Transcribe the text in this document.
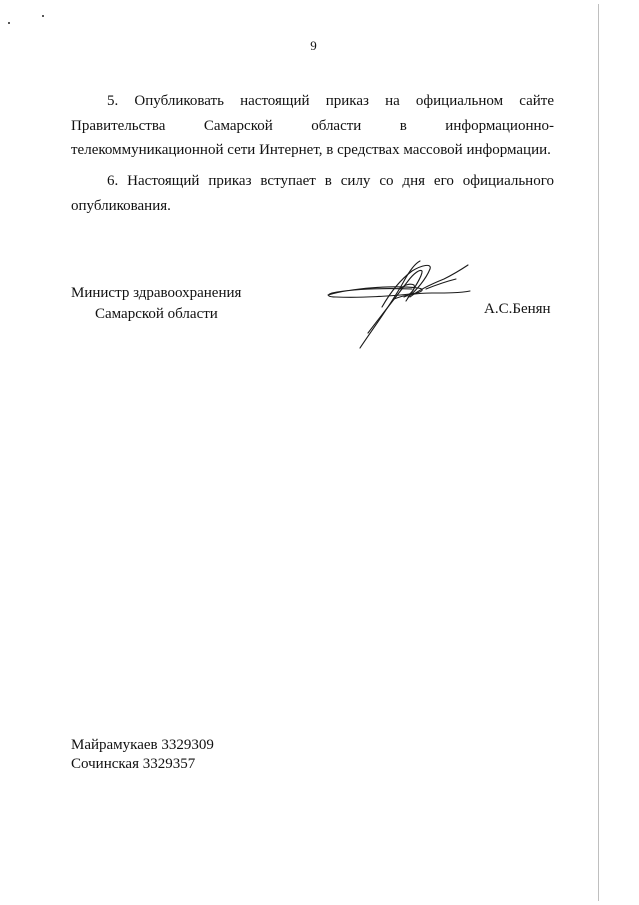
9
5. Опубликовать настоящий приказ на официальном сайте
Правительства Самарской области в информационно-
телекоммуникационной сети Интернет, в средствах массовой информации.
6. Настоящий приказ вступает в силу со дня его официального
опубликования.
Министр здравоохранения
Самарской области	А.С.Бенян
Майрамукаев 3329309
Сочинская 3329357
